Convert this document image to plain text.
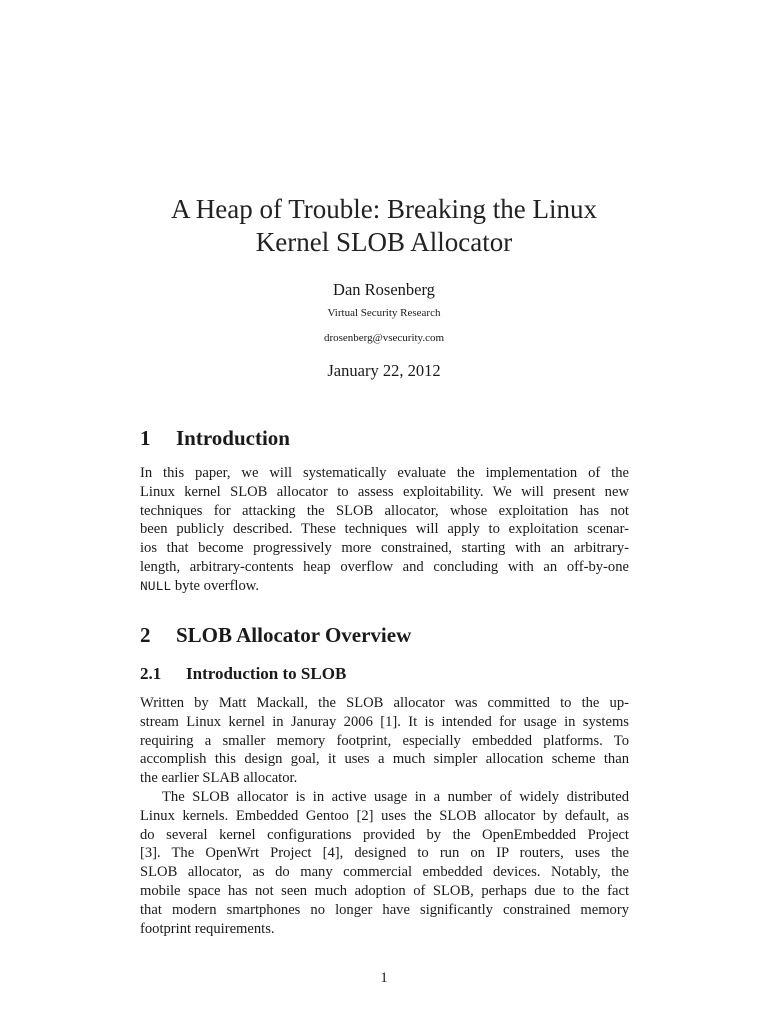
A Heap of Trouble: Breaking the Linux
Kernel SLOB Allocator
Dan Rosenberg
Virtual Security Research
drosenberg@vsecurity.com
January 22, 2012
1 Introduction
In this paper, we will systematically evaluate the implementation of the
Linux kernel SLOB allocator to assess exploitability. We will present new
techniques for attacking the SLOB allocator, whose exploitation has not
been publicly described. These techniques will apply to exploitation scenar-
ios that become progressively more constrained, starting with an arbitrary-
length, arbitrary-contents heap overflow and concluding with an off-by-one
NULL byte overflow.
2 SLOB Allocator Overview
2.1 Introduction to SLOB
Written by Matt Mackall, the SLOB allocator was committed to the up-
stream Linux kernel in Januray 2006 [1]. It is intended for usage in systems
requiring a smaller memory footprint, especially embedded platforms. To
accomplish this design goal, it uses a much simpler allocation scheme than
the earlier SLAB allocator.
The SLOB allocator is in active usage in a number of widely distributed
Linux kernels. Embedded Gentoo [2] uses the SLOB allocator by default, as
do several kernel configurations provided by the OpenEmbedded Project
[3]. The OpenWrt Project [4], designed to run on IP routers, uses the
SLOB allocator, as do many commercial embedded devices. Notably, the
mobile space has not seen much adoption of SLOB, perhaps due to the fact
that modern smartphones no longer have significantly constrained memory
footprint requirements.
1
